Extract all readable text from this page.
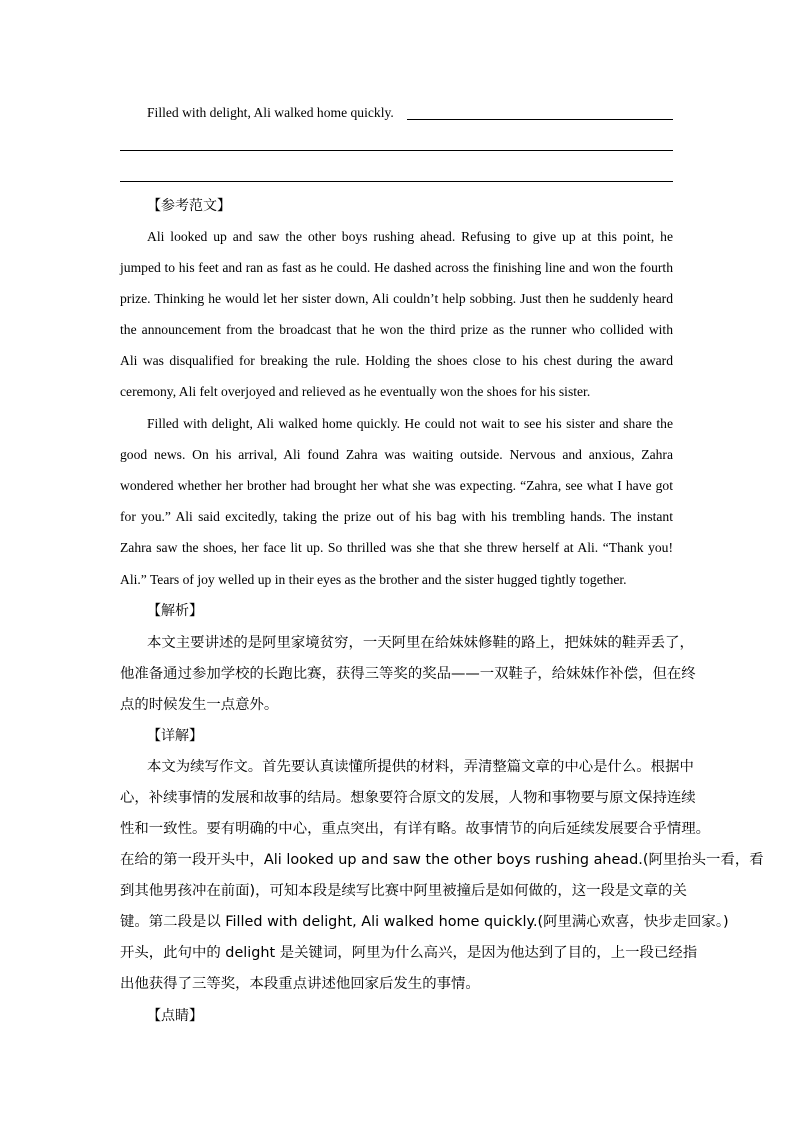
Filled with delight, Ali walked home quickly.
【参考范文】
Ali looked up and saw the other boys rushing ahead. Refusing to give up at this point, he
jumped to his feet and ran as fast as he could. He dashed across the finishing line and won the fourth
prize. Thinking he would let her sister down, Ali couldn’t help sobbing. Just then he suddenly heard
the announcement from the broadcast that he won the third prize as the runner who collided with
Ali was disqualified for breaking the rule. Holding the shoes close to his chest during the award
ceremony, Ali felt overjoyed and relieved as he eventually won the shoes for his sister.
Filled with delight, Ali walked home quickly. He could not wait to see his sister and share the
good news. On his arrival, Ali found Zahra was waiting outside. Nervous and anxious, Zahra
wondered whether her brother had brought her what she was expecting. “Zahra, see what I have got
for you.” Ali said excitedly, taking the prize out of his bag with his trembling hands. The instant
Zahra saw the shoes, her face lit up. So thrilled was she that she threw herself at Ali. “Thank you!
Ali.” Tears of joy welled up in their eyes as the brother and the sister hugged tightly together.
【解析】
本文主要讲述的是阿里家境贫穷，一天阿里在给妹妹修鞋的路上，把妹妹的鞋弄丢了，
他准备通过参加学校的长跑比赛，获得三等奖的奖品——一双鞋子，给妹妹作补偿，但在终
点的时候发生一点意外。
【详解】
本文为续写作文。首先要认真读懂所提供的材料，弄清整篇文章的中心是什么。根据中
心，补续事情的发展和故事的结局。想象要符合原文的发展，人物和事物要与原文保持连续
性和一致性。要有明确的中心，重点突出，有详有略。故事情节的向后延续发展要合乎情理。
在给的第一段开头中，Ali looked up and saw the other boys rushing ahead.(阿里抬头一看，看
到其他男孩冲在前面)，可知本段是续写比赛中阿里被撞后是如何做的，这一段是文章的关
键。第二段是以 Filled with delight, Ali walked home quickly.(阿里满心欢喜，快步走回家。)
开头，此句中的 delight 是关键词，阿里为什么高兴，是因为他达到了目的，上一段已经指
出他获得了三等奖，本段重点讲述他回家后发生的事情。
【点睛】
